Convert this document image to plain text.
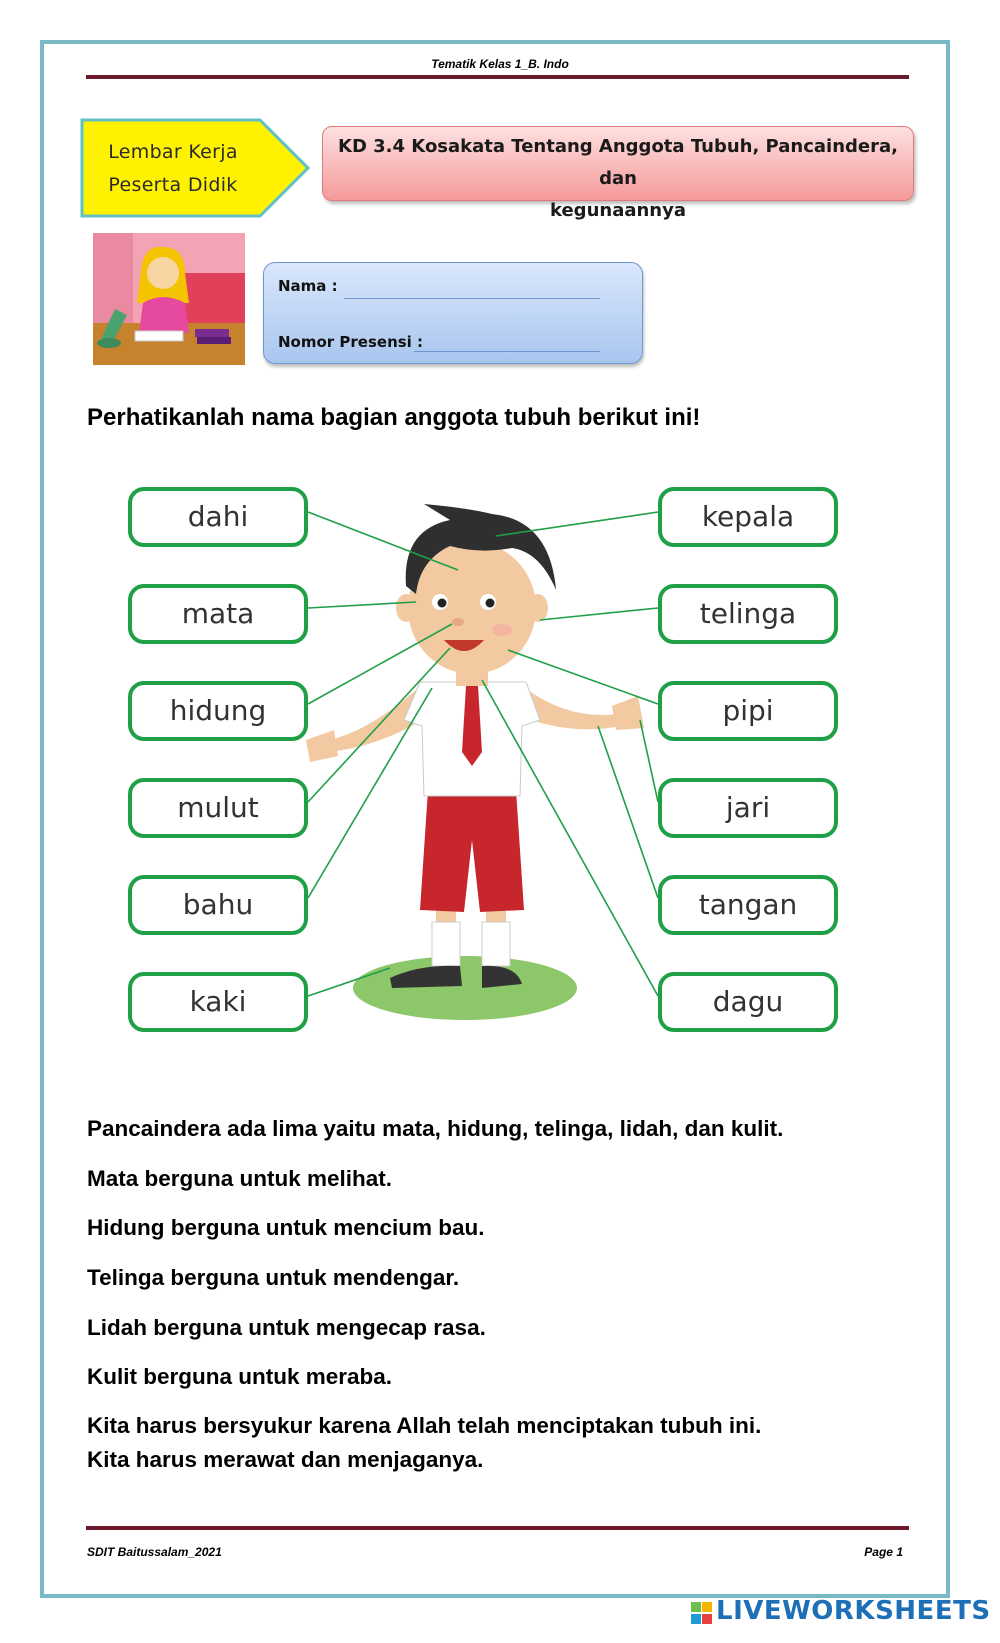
Tematik Kelas 1_B. Indo
Lembar Kerja
Peserta Didik
KD 3.4 Kosakata Tentang Anggota Tubuh, Pancaindera, dan
kegunaannya
Nama :
Nomor Presensi :
Perhatikanlah nama bagian anggota tubuh berikut ini!
dahi
mata
hidung
mulut
bahu
kaki
kepala
telinga
pipi
jari
tangan
dagu
Pancaindera ada lima yaitu mata, hidung, telinga, lidah, dan kulit.
Mata berguna untuk melihat.
Hidung berguna untuk mencium bau.
Telinga berguna untuk mendengar.
Lidah berguna untuk mengecap rasa.
Kulit berguna untuk meraba.
Kita harus bersyukur karena Allah telah menciptakan tubuh ini.
Kita harus merawat dan menjaganya.
SDIT Baitussalam_2021	Page 1
LIVEWORKSHEETS
